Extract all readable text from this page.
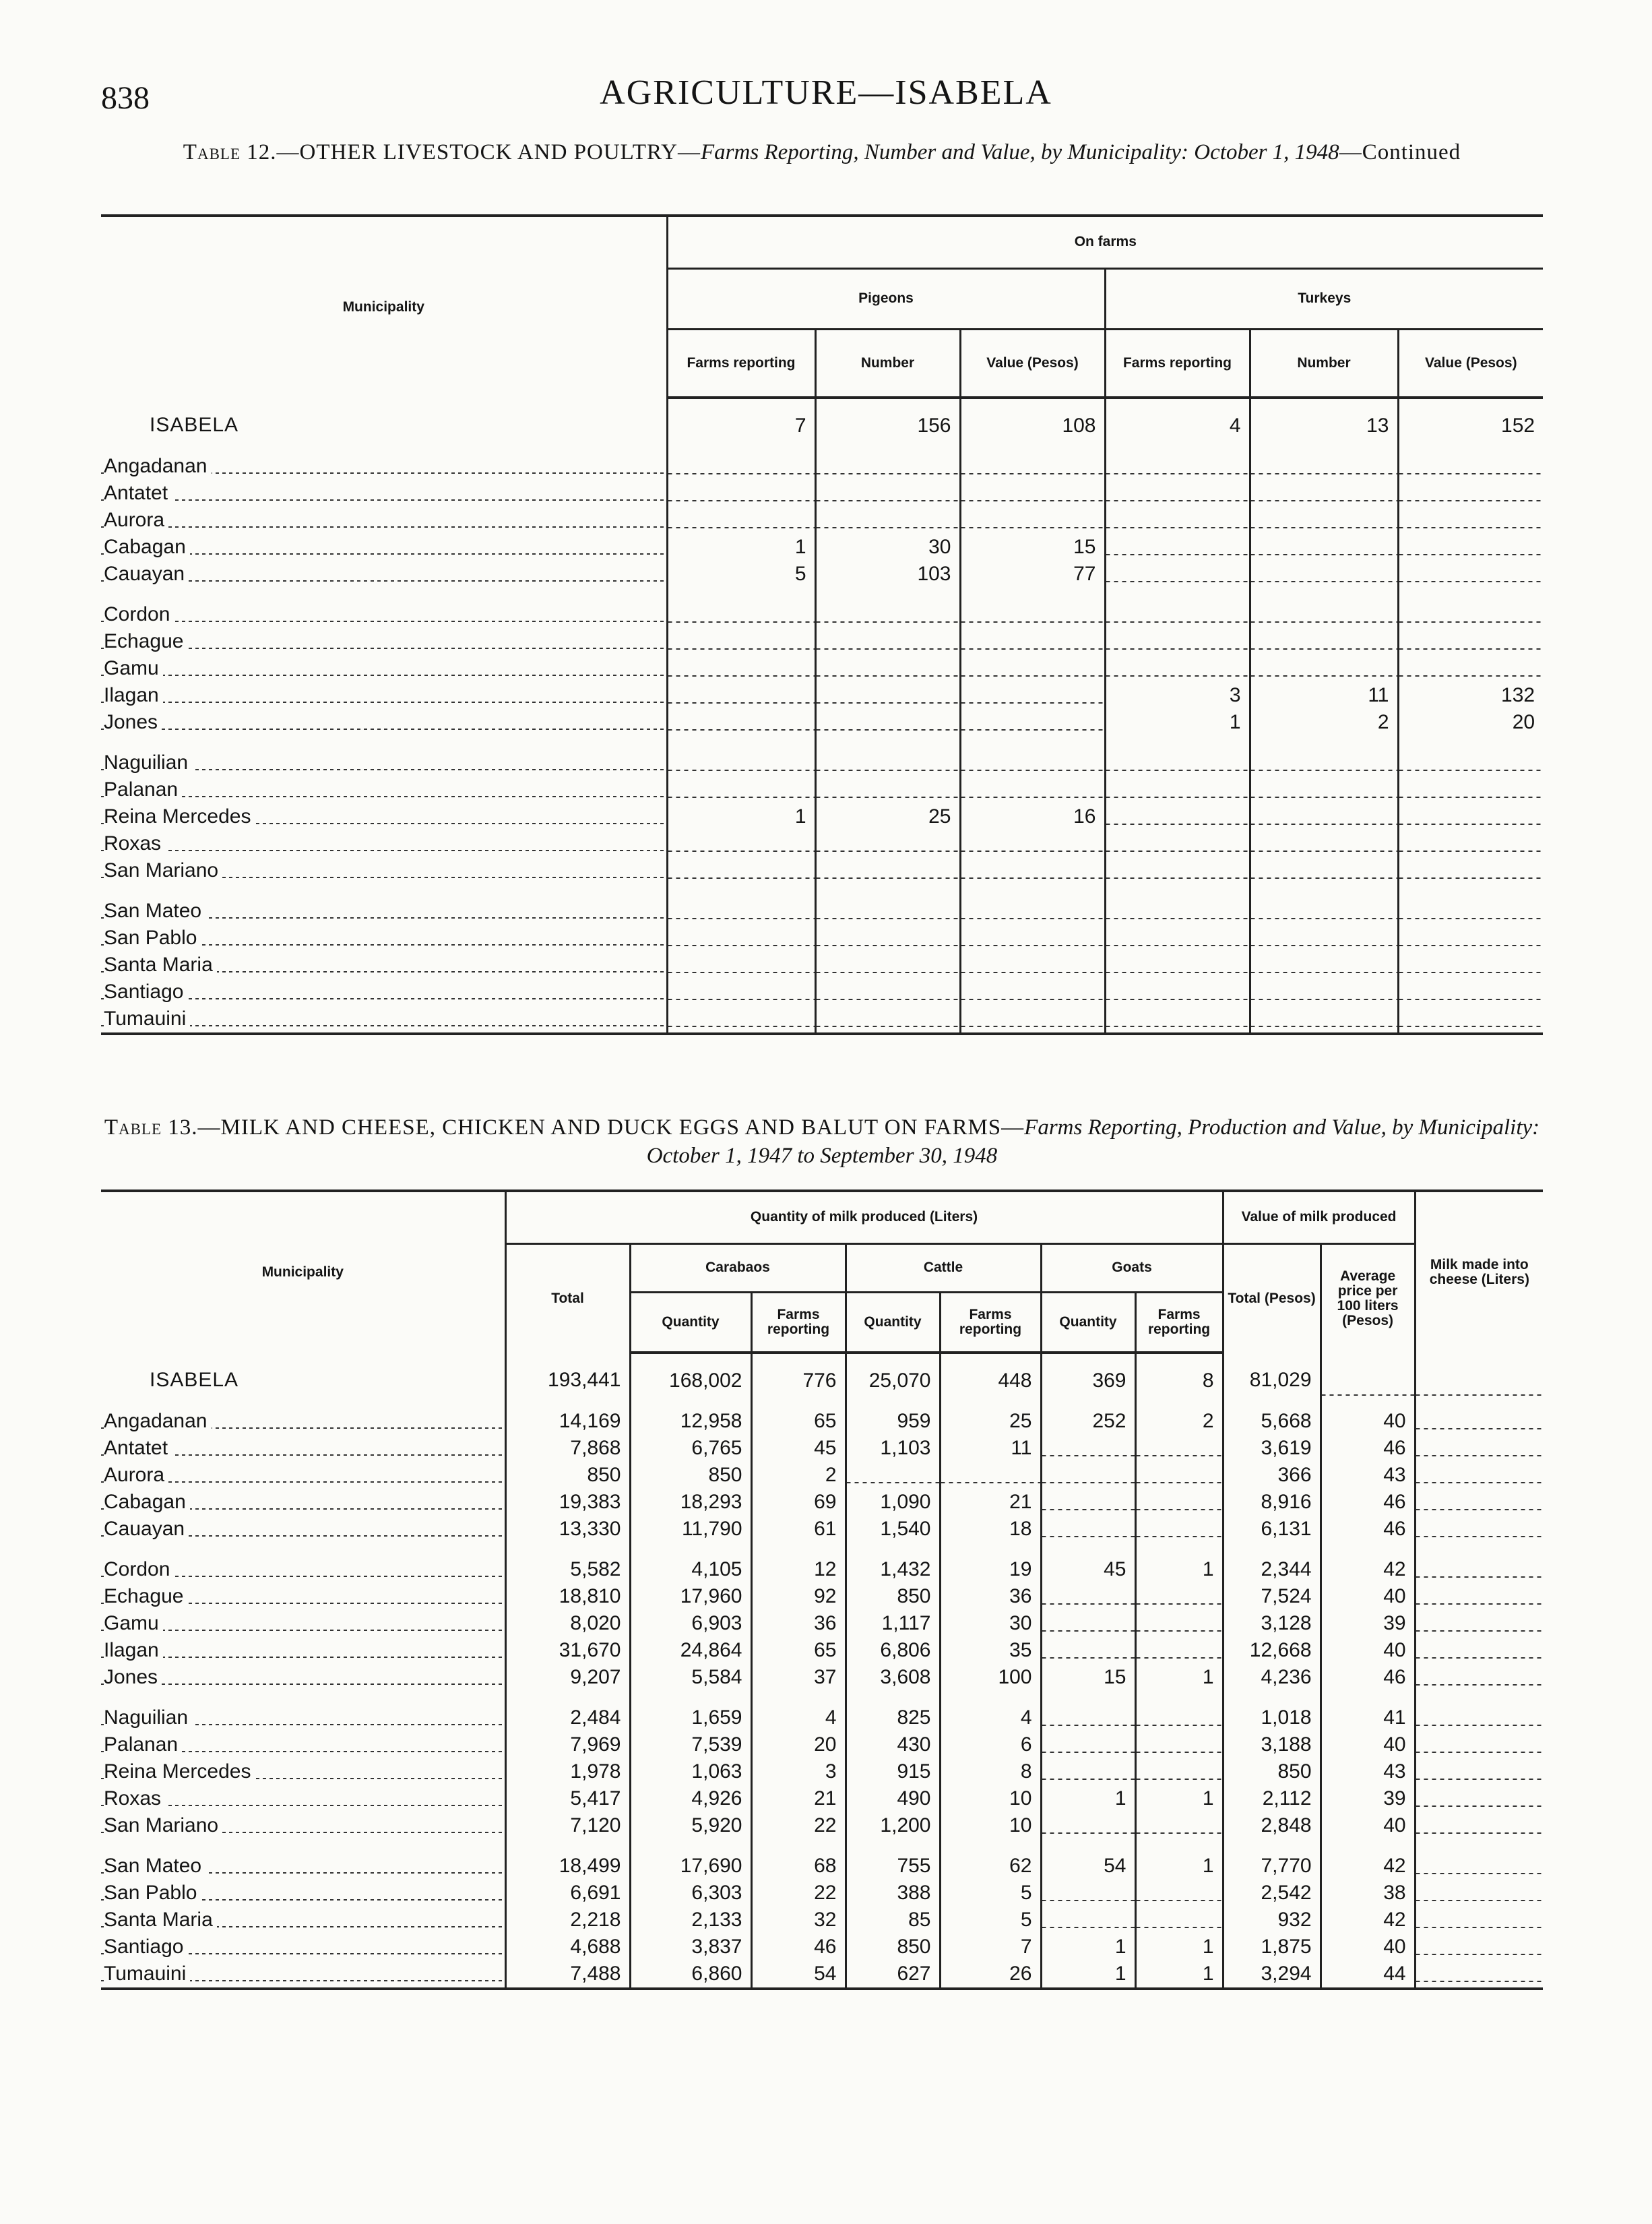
838	AGRICULTURE—ISABELA
Table 12.—OTHER LIVESTOCK AND POULTRY—Farms Reporting, Number and Value, by Municipality: October 1, 1948—Continued
Municipality	On farms					
	Pigeons			Turkeys		
	Farms reporting	Number	Value (Pesos)	Farms reporting	Number	Value (Pesos)
ISABELA	7	156	108	4	13	152
Angadanan						
Antatet						
Aurora						
Cabagan	1	30	15			
Cauayan	5	103	77			

Cordon						
Echague						
Gamu						
Ilagan				3	11	132
Jones				1	2	20

Naguilian						
Palanan						
Reina Mercedes	1	25	16			
Roxas						
San Mariano						

San Mateo						
San Pablo						
Santa Maria						
Santiago						
Tumauini						
Table 13.—MILK AND CHEESE, CHICKEN AND DUCK EGGS AND BALUT ON FARMS—Farms Reporting, Production and Value, by Municipality: October 1, 1947 to September 30, 1948
Municipality	Quantity of milk produced (Liters)							Value of milk produced		Milk made into cheese (Liters)
	Total	Carabaos		Cattle		Goats		Total (Pesos)	Average price per 100 liters (Pesos)	
		Quantity	Farms reporting	Quantity	Farms reporting	Quantity	Farms reporting			
ISABELA	193,441	168,002	776	25,070	448	369	8	81,029		
Angadanan	14,169	12,958	65	959	25	252	2	5,668	40	
Antatet	7,868	6,765	45	1,103	11			3,619	46	
Aurora	850	850	2					366	43	
Cabagan	19,383	18,293	69	1,090	21			8,916	46	
Cauayan	13,330	11,790	61	1,540	18			6,131	46	

Cordon	5,582	4,105	12	1,432	19	45	1	2,344	42	
Echague	18,810	17,960	92	850	36			7,524	40	
Gamu	8,020	6,903	36	1,117	30			3,128	39	
Ilagan	31,670	24,864	65	6,806	35			12,668	40	
Jones	9,207	5,584	37	3,608	100	15	1	4,236	46	

Naguilian	2,484	1,659	4	825	4			1,018	41	
Palanan	7,969	7,539	20	430	6			3,188	40	
Reina Mercedes	1,978	1,063	3	915	8			850	43	
Roxas	5,417	4,926	21	490	10	1	1	2,112	39	
San Mariano	7,120	5,920	22	1,200	10			2,848	40	

San Mateo	18,499	17,690	68	755	62	54	1	7,770	42	
San Pablo	6,691	6,303	22	388	5			2,542	38	
Santa Maria	2,218	2,133	32	85	5			932	42	
Santiago	4,688	3,837	46	850	7	1	1	1,875	40	
Tumauini	7,488	6,860	54	627	26	1	1	3,294	44	
